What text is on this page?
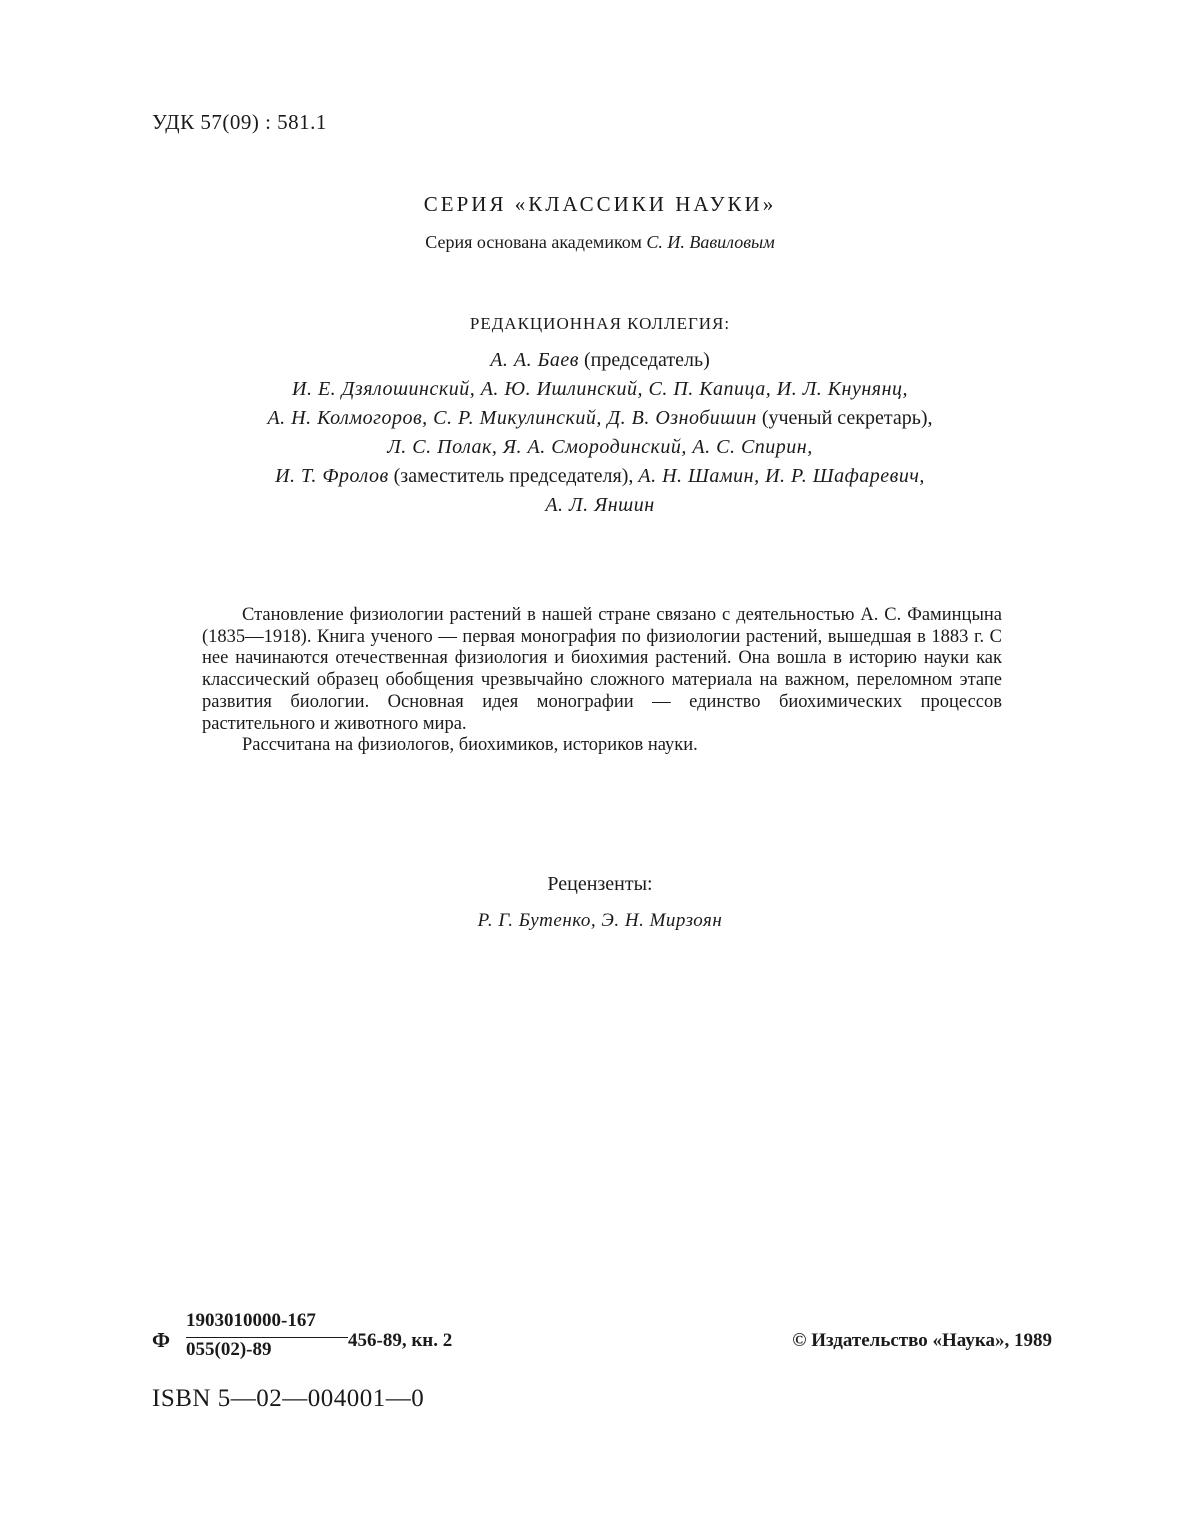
УДК 57(09) : 581.1
СЕРИЯ «КЛАССИКИ НАУКИ»
Серия основана академиком С. И. Вавиловым
РЕДАКЦИОННАЯ КОЛЛЕГИЯ:
А. А. Баев (председатель)
И. Е. Дзялошинский, А. Ю. Ишлинский, С. П. Капица, И. Л. Кнунянц,
А. Н. Колмогоров, С. Р. Микулинский, Д. В. Ознобишин (ученый секретарь),
Л. С. Полак, Я. А. Смородинский, А. С. Спирин,
И. Т. Фролов (заместитель председателя), А. Н. Шамин, И. Р. Шафаревич,
А. Л. Яншин

Становление физиологии растений в нашей стране связано с деятельностью А. С. Фаминцына (1835—1918). Книга ученого — первая монография по физиологии растений, вышедшая в 1883 г. С нее начинаются отечественная физиология и биохимия растений. Она вошла в историю науки как классический образец обобщения чрезвычайно сложного материала на важном, переломном этапе развития биологии. Основная идея монографии — единство биохимических процессов растительного и животного мира.

Рассчитана на физиологов, биохимиков, историков науки.

Рецензенты:
Р. Г. Бутенко, Э. Н. Мирзоян
Ф
1903010000-167
055(02)-89	456-89, кн. 2	© Издательство «Наука», 1989
ISBN 5—02—004001—0
